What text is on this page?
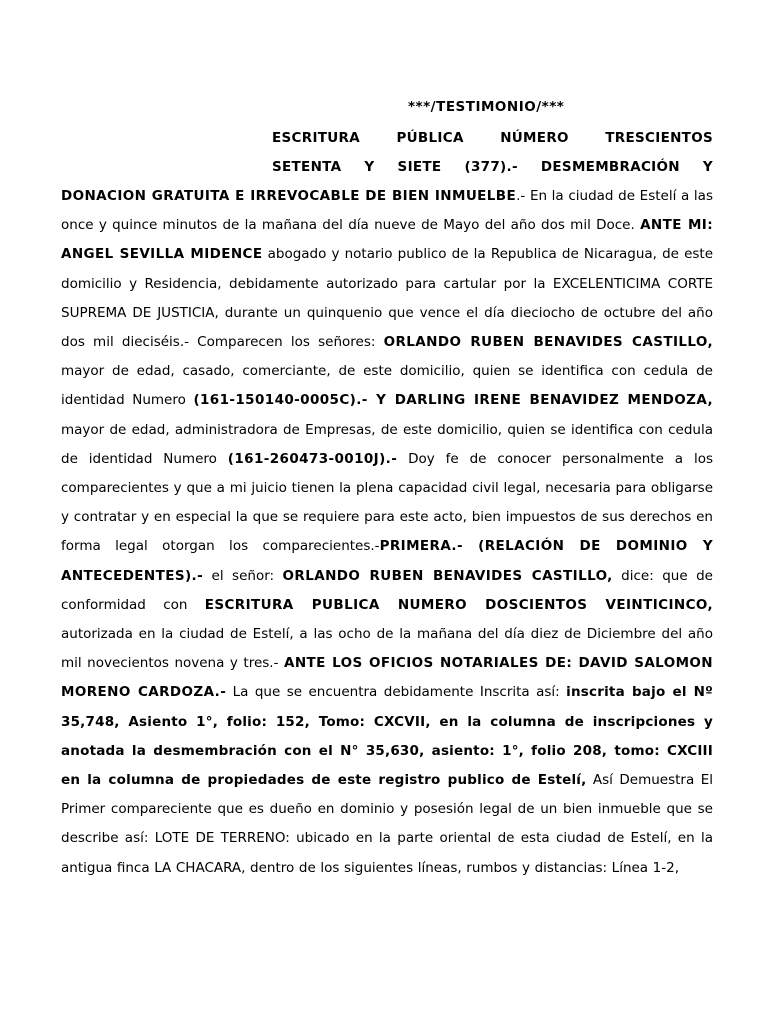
***/TESTIMONIO/***
ESCRITURA PÚBLICA NÚMERO TRESCIENTOS
SETENTA Y SIETE (377).- DESMEMBRACIÓN Y
DONACION GRATUITA E IRREVOCABLE DE BIEN INMUELBE.- En la ciudad de Estelí a las once y quince minutos de la mañana del día nueve de Mayo del año dos mil Doce. ANTE MI: ANGEL SEVILLA MIDENCE abogado y notario publico de la Republica de Nicaragua, de este domicilio y Residencia, debidamente autorizado para cartular por la EXCELENTICIMA CORTE SUPREMA DE JUSTICIA, durante un quinquenio que vence el día dieciocho de octubre del año dos mil dieciséis.- Comparecen los señores: ORLANDO RUBEN BENAVIDES CASTILLO, mayor de edad, casado, comerciante, de este domicilio, quien se identifica con cedula de identidad Numero (161-150140-0005C).- Y DARLING IRENE BENAVIDEZ MENDOZA, mayor de edad, administradora de Empresas, de este domicilio, quien se identifica con cedula de identidad Numero (161-260473-0010J).- Doy fe de conocer personalmente a los comparecientes y que a mi juicio tienen la plena capacidad civil legal, necesaria para obligarse y contratar y en especial la que se requiere para este acto, bien impuestos de sus derechos en forma legal otorgan los comparecientes.-PRIMERA.- (RELACIÓN DE DOMINIO Y ANTECEDENTES).- el señor: ORLANDO RUBEN BENAVIDES CASTILLO, dice: que de conformidad con ESCRITURA PUBLICA NUMERO DOSCIENTOS VEINTICINCO, autorizada en la ciudad de Estelí, a las ocho de la mañana del día diez de Diciembre del año mil novecientos novena y tres.- ANTE LOS OFICIOS NOTARIALES DE: DAVID SALOMON MORENO CARDOZA.- La que se encuentra debidamente Inscrita así: inscrita bajo el Nº 35,748, Asiento 1°, folio: 152, Tomo: CXCVII, en la columna de inscripciones y anotada la desmembración con el N° 35,630, asiento: 1°, folio 208, tomo: CXCIII en la columna de propiedades de este registro publico de Estelí, Así Demuestra El Primer compareciente que es dueño en dominio y posesión legal de un bien inmueble que se describe así: LOTE DE TERRENO: ubicado en la parte oriental de esta ciudad de Estelí, en la antigua finca LA CHACARA, dentro de los siguientes líneas, rumbos y distancias: Línea 1-2,
